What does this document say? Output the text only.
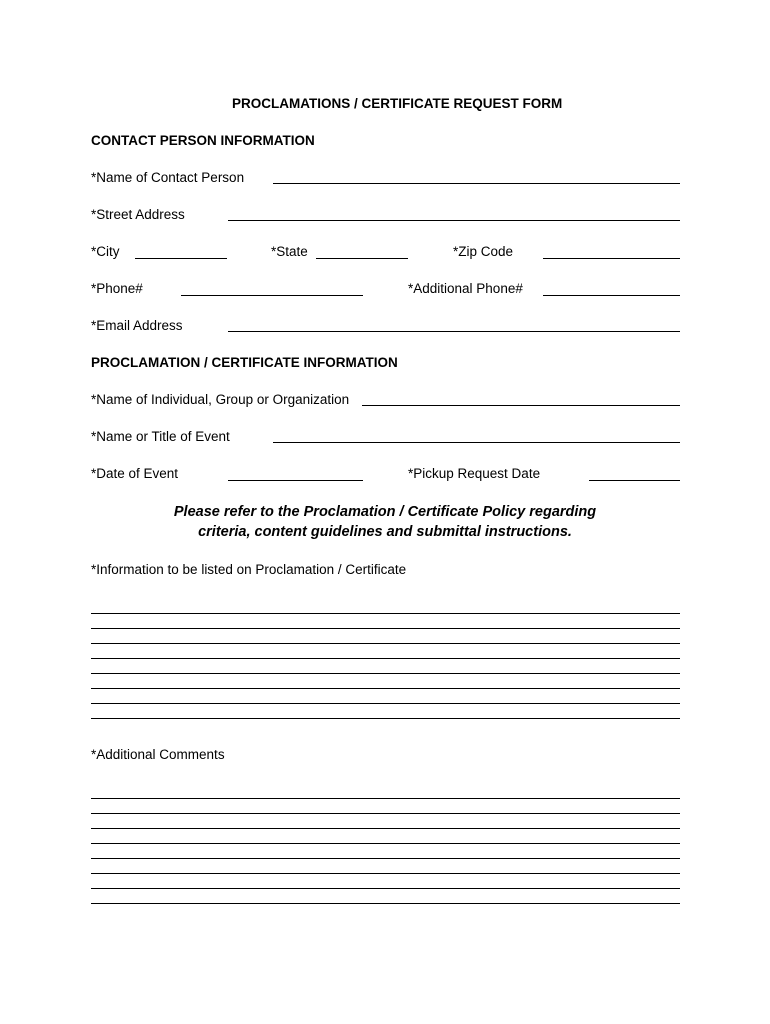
PROCLAMATIONS / CERTIFICATE REQUEST FORM
CONTACT PERSON INFORMATION
*Name of Contact Person
*Street Address
*City	*State	*Zip Code
*Phone#	*Additional Phone#
*Email Address
PROCLAMATION / CERTIFICATE INFORMATION
*Name of Individual, Group or Organization
*Name or Title of Event
*Date of Event	*Pickup Request Date
Please refer to the Proclamation / Certificate Policy regarding
criteria, content guidelines and submittal instructions.
*Information to be listed on Proclamation / Certificate
*Additional Comments
